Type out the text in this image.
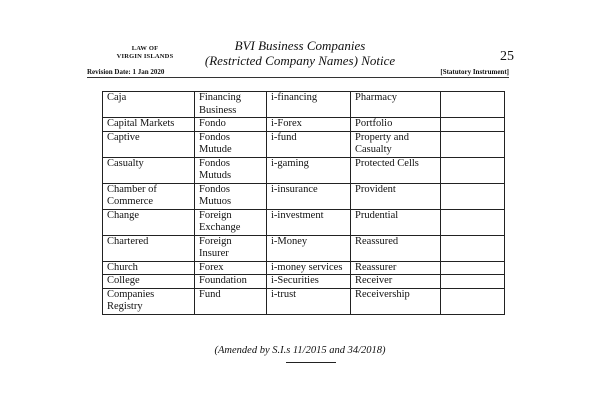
LAW OF
VIRGIN ISLANDS
BVI Business Companies
(Restricted Company Names) Notice	25
Revision Date: 1 Jan 2020	[Statutory Instrument]
Caja	Financing Business	i-financing	Pharmacy	
Capital Markets	Fondo	i-Forex	Portfolio	
Captive	Fondos Mutude	i-fund	Property and Casualty	
Casualty	Fondos Mutuds	i-gaming	Protected Cells	
Chamber of Commerce	Fondos Mutuos	i-insurance	Provident	
Change	Foreign Exchange	i-investment	Prudential	
Chartered	Foreign Insurer	i-Money	Reassured	
Church	Forex	i-money services	Reassurer	
College	Foundation	i-Securities	Receiver	
Companies Registry	Fund	i-trust	Receivership	
(Amended by S.I.s 11/2015 and 34/2018)
